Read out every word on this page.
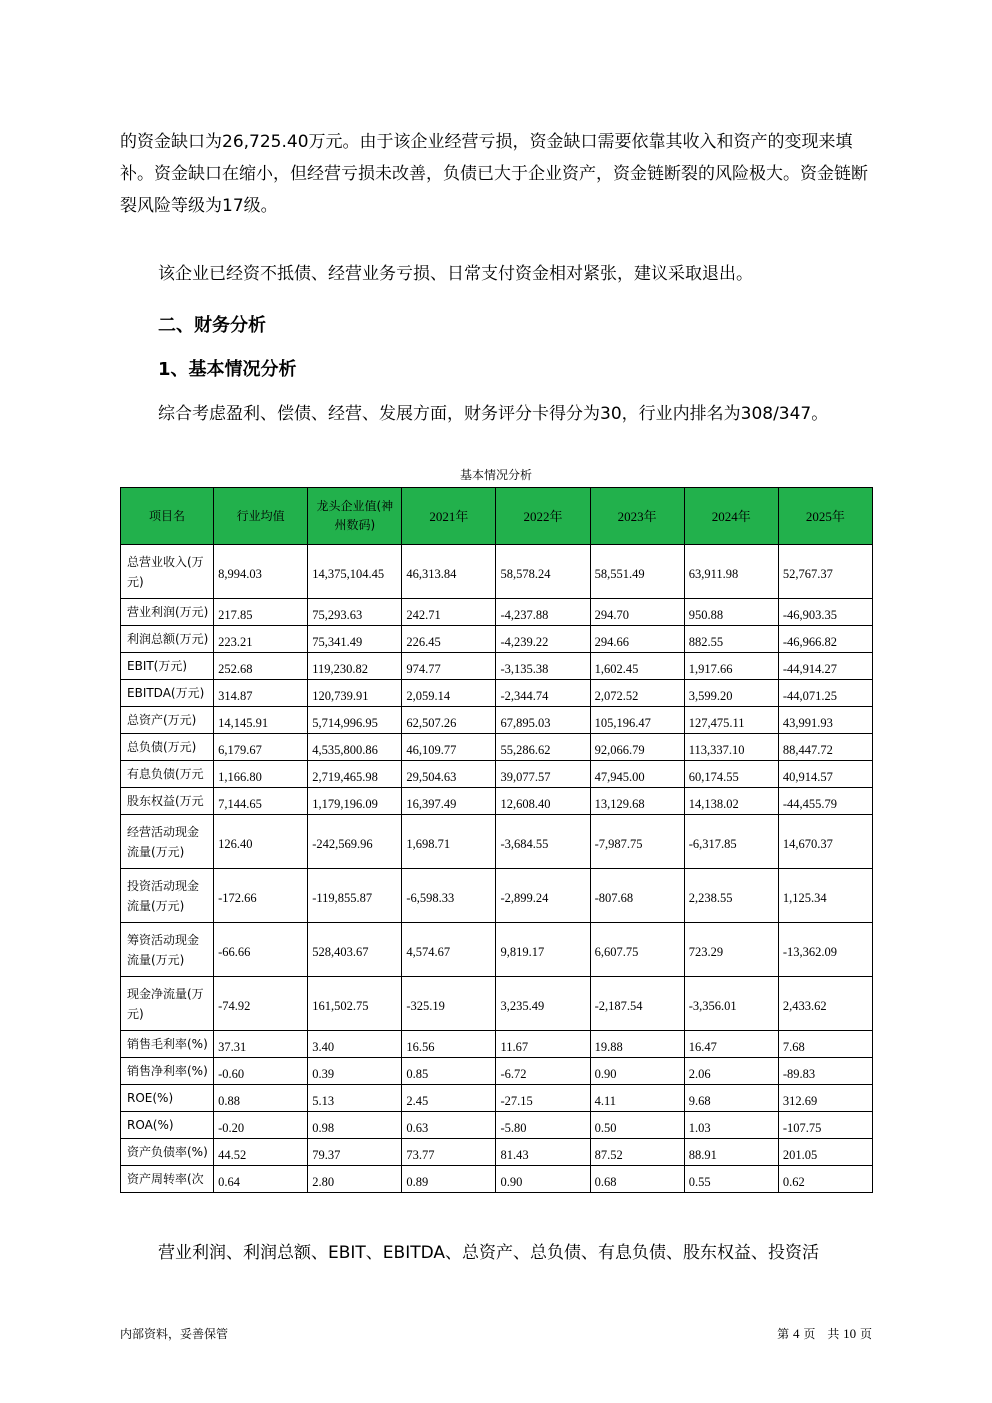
的资金缺口为26,725.40万元。由于该企业经营亏损，资金缺口需要依靠其收入和资产的变现来填补。资金缺口在缩小，但经营亏损未改善，负债已大于企业资产，资金链断裂的风险极大。资金链断裂风险等级为17级。

该企业已经资不抵债、经营业务亏损、日常支付资金相对紧张，建议采取退出。

二、财务分析

1、基本情况分析

综合考虑盈利、偿债、经营、发展方面，财务评分卡得分为30，行业内排名为308/347。

基本情况分析
项目名	行业均值	龙头企业值(神州数码)	2021年	2022年	2023年	2024年	2025年
总营业收入(万元)	8,994.03	14,375,104.45	46,313.84	58,578.24	58,551.49	63,911.98	52,767.37
营业利润(万元)	217.85	75,293.63	242.71	-4,237.88	294.70	950.88	-46,903.35
利润总额(万元)	223.21	75,341.49	226.45	-4,239.22	294.66	882.55	-46,966.82
EBIT(万元)	252.68	119,230.82	974.77	-3,135.38	1,602.45	1,917.66	-44,914.27
EBITDA(万元)	314.87	120,739.91	2,059.14	-2,344.74	2,072.52	3,599.20	-44,071.25
总资产(万元)	14,145.91	5,714,996.95	62,507.26	67,895.03	105,196.47	127,475.11	43,991.93
总负债(万元)	6,179.67	4,535,800.86	46,109.77	55,286.62	92,066.79	113,337.10	88,447.72
有息负债(万元	1,166.80	2,719,465.98	29,504.63	39,077.57	47,945.00	60,174.55	40,914.57
股东权益(万元	7,144.65	1,179,196.09	16,397.49	12,608.40	13,129.68	14,138.02	-44,455.79
经营活动现金流量(万元)	126.40	-242,569.96	1,698.71	-3,684.55	-7,987.75	-6,317.85	14,670.37
投资活动现金流量(万元)	-172.66	-119,855.87	-6,598.33	-2,899.24	-807.68	2,238.55	1,125.34
筹资活动现金流量(万元)	-66.66	528,403.67	4,574.67	9,819.17	6,607.75	723.29	-13,362.09
现金净流量(万元)	-74.92	161,502.75	-325.19	3,235.49	-2,187.54	-3,356.01	2,433.62
销售毛利率(%)	37.31	3.40	16.56	11.67	19.88	16.47	7.68
销售净利率(%)	-0.60	0.39	0.85	-6.72	0.90	2.06	-89.83
ROE(%)	0.88	5.13	2.45	-27.15	4.11	9.68	312.69
ROA(%)	-0.20	0.98	0.63	-5.80	0.50	1.03	-107.75
资产负债率(%)	44.52	79.37	73.77	81.43	87.52	88.91	201.05
资产周转率(次	0.64	2.80	0.89	0.90	0.68	0.55	0.62

营业利润、利润总额、EBIT、EBITDA、总资产、总负债、有息负债、股东权益、投资活

内部资料，妥善保管	第 4 页　共 10 页
